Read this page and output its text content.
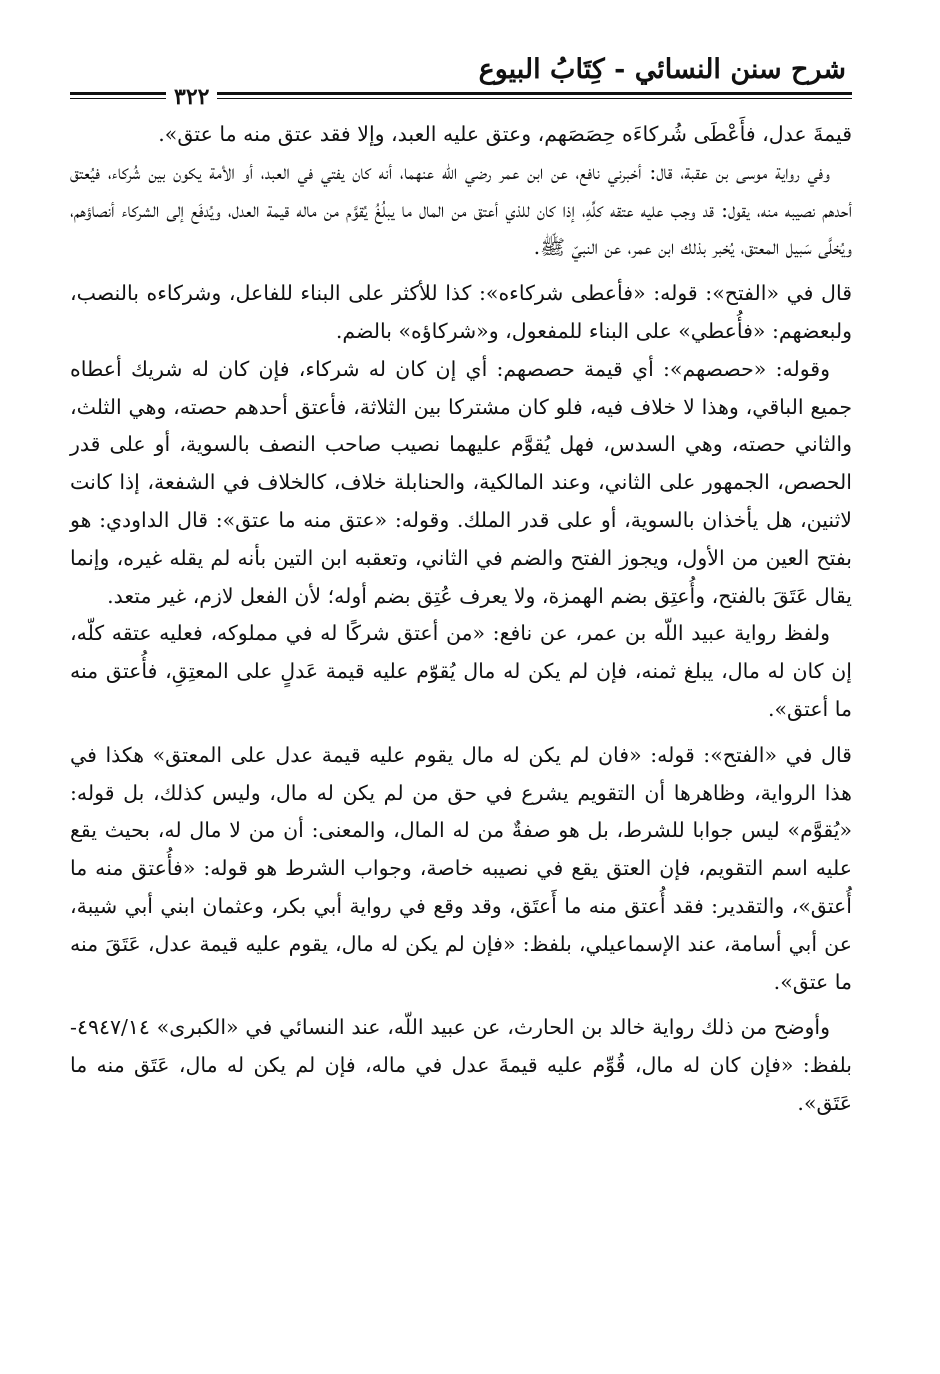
شرح سنن النسائي - كِتَابُ البيوع
٣٢٢

قيمةَ عدل، فأَعْطَى شُركاءَه حِصَصَهم، وعتق عليه العبد، وإلا فقد عتق منه ما عتق».

وفي رواية موسى بن عقبة، قال: أخبرني نافع، عن ابن عمر رضي اللّه عنهما، أنه كان يفتي في العبد، أو الأمة يكون بين شُركاء، فيُعتق أحدهم نصيبه منه، يقول: قد وجب عليه عتقه كلِّهِ، إذا كان للذي أعتق من المال ما يبلُغُ يُقوَّم من ماله قيمة العدل، ويُدفَع إلى الشركاء أنصاؤهم، ويُخلَّى سَبيل المعتق، يُخبر بذلك ابن عمر، عن النبيّ ﷺ.

قال في «الفتح»: قوله: «فأعطى شركاءه»: كذا للأكثر على البناء للفاعل، وشركاءه بالنصب، ولبعضهم: «فأُعطي» على البناء للمفعول، و«شركاؤه» بالضم.

وقوله: «حصصهم»: أي قيمة حصصهم: أي إن كان له شركاء، فإن كان له شريك أعطاه جميع الباقي، وهذا لا خلاف فيه، فلو كان مشتركا بين الثلاثة، فأعتق أحدهم حصته، وهي الثلث، والثاني حصته، وهي السدس، فهل يُقوَّم عليهما نصيب صاحب النصف بالسوية، أو على قدر الحصص، الجمهور على الثاني، وعند المالكية، والحنابلة خلاف، كالخلاف في الشفعة، إذا كانت لاثنين، هل يأخذان بالسوية، أو على قدر الملك. وقوله: «عتق منه ما عتق»: قال الداودي: هو بفتح العين من الأول، ويجوز الفتح والضم في الثاني، وتعقبه ابن التين بأنه لم يقله غيره، وإنما يقال عَتَقَ بالفتح، وأُعتِق بضم الهمزة، ولا يعرف عُتِق بضم أوله؛ لأن الفعل لازم، غير متعد.

ولفظ رواية عبيد اللّه بن عمر، عن نافع: «من أعتق شركًا له في مملوكه، فعليه عتقه كلّه، إن كان له مال، يبلغ ثمنه، فإن لم يكن له مال يُقوّم عليه قيمة عَدلٍ على المعتِقِ، فأُعتق منه ما أعتق».

قال في «الفتح»: قوله: «فان لم يكن له مال يقوم عليه قيمة عدل على المعتق» هكذا في هذا الرواية، وظاهرها أن التقويم يشرع في حق من لم يكن له مال، وليس كذلك، بل قوله: «يُقوَّم» ليس جوابا للشرط، بل هو صفةٌ من له المال، والمعنى: أن من لا مال له، بحيث يقع عليه اسم التقويم، فإن العتق يقع في نصيبه خاصة، وجواب الشرط هو قوله: «فأُعتق منه ما أُعتق»، والتقدير: فقد أُعتق منه ما أَعتَق، وقد وقع في رواية أبي بكر، وعثمان ابني أبي شيبة، عن أبي أسامة، عند الإسماعيلي، بلفظ: «فإن لم يكن له مال، يقوم عليه قيمة عدل، عَتَقَ منه ما عتق».

وأوضح من ذلك رواية خالد بن الحارث، عن عبيد اللّه، عند النسائي في «الكبرى» ٤٩٤٧/١٤- بلفظ: «فإن كان له مال، قُوِّم عليه قيمةَ عدل في ماله، فإن لم يكن له مال، عَتَق منه ما عَتَق».
